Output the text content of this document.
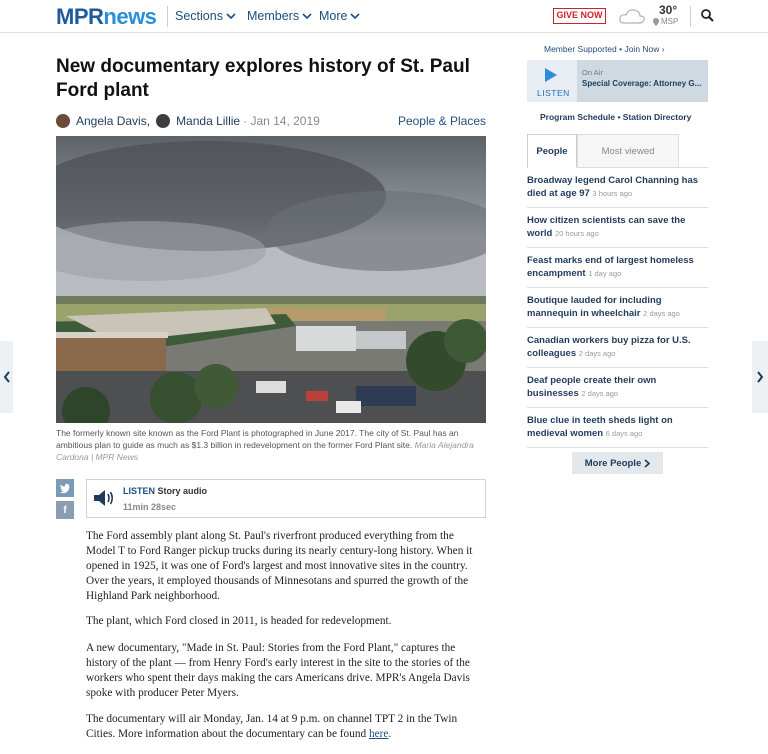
MPRnews Sections Members More	GIVE NOW	30°
MSP
New documentary explores history of St. Paul Ford plant
Angela Davis , Manda Lillie · Jan 14, 2019	People & Places

The formerly known site known as the Ford Plant is photographed in June 2017. The city of St. Paul has an ambitious plan to guide as much as $1.3 billion in redevelopment on the former Ford Plant site. Maria Alejandra Cardona | MPR News

f
LISTEN Story audio
11min 28sec

The Ford assembly plant along St. Paul's riverfront produced everything from the Model T to Ford Ranger pickup trucks during its nearly century-long history. When it opened in 1925, it was one of Ford's largest and most innovative sites in the country. Over the years, it employed thousands of Minnesotans and spurred the growth of the Highland Park neighborhood.

The plant, which Ford closed in 2011, is headed for redevelopment.

A new documentary, "Made in St. Paul: Stories from the Ford Plant," captures the history of the plant — from Henry Ford's early interest in the site to the stories of the workers who spent their days making the cars Americans drive. MPR's Angela Davis spoke with producer Peter Myers.

The documentary will air Monday, Jan. 14 at 9 p.m. on channel TPT 2 in the Twin Cities. More information about the documentary can be found here.

Member Supported • Join Now ›
LISTEN
On Air
Special Coverage: Attorney G...
Program Schedule • Station Directory
People	Most viewed
Broadway legend Carol Channing has died at age 97 3 hours ago
How citizen scientists can save the world 20 hours ago
Feast marks end of largest homeless encampment 1 day ago
Boutique lauded for including mannequin in wheelchair 2 days ago
Canadian workers buy pizza for U.S. colleagues 2 days ago
Deaf people create their own businesses 2 days ago
Blue clue in teeth sheds light on medieval women 6 days ago
More People
